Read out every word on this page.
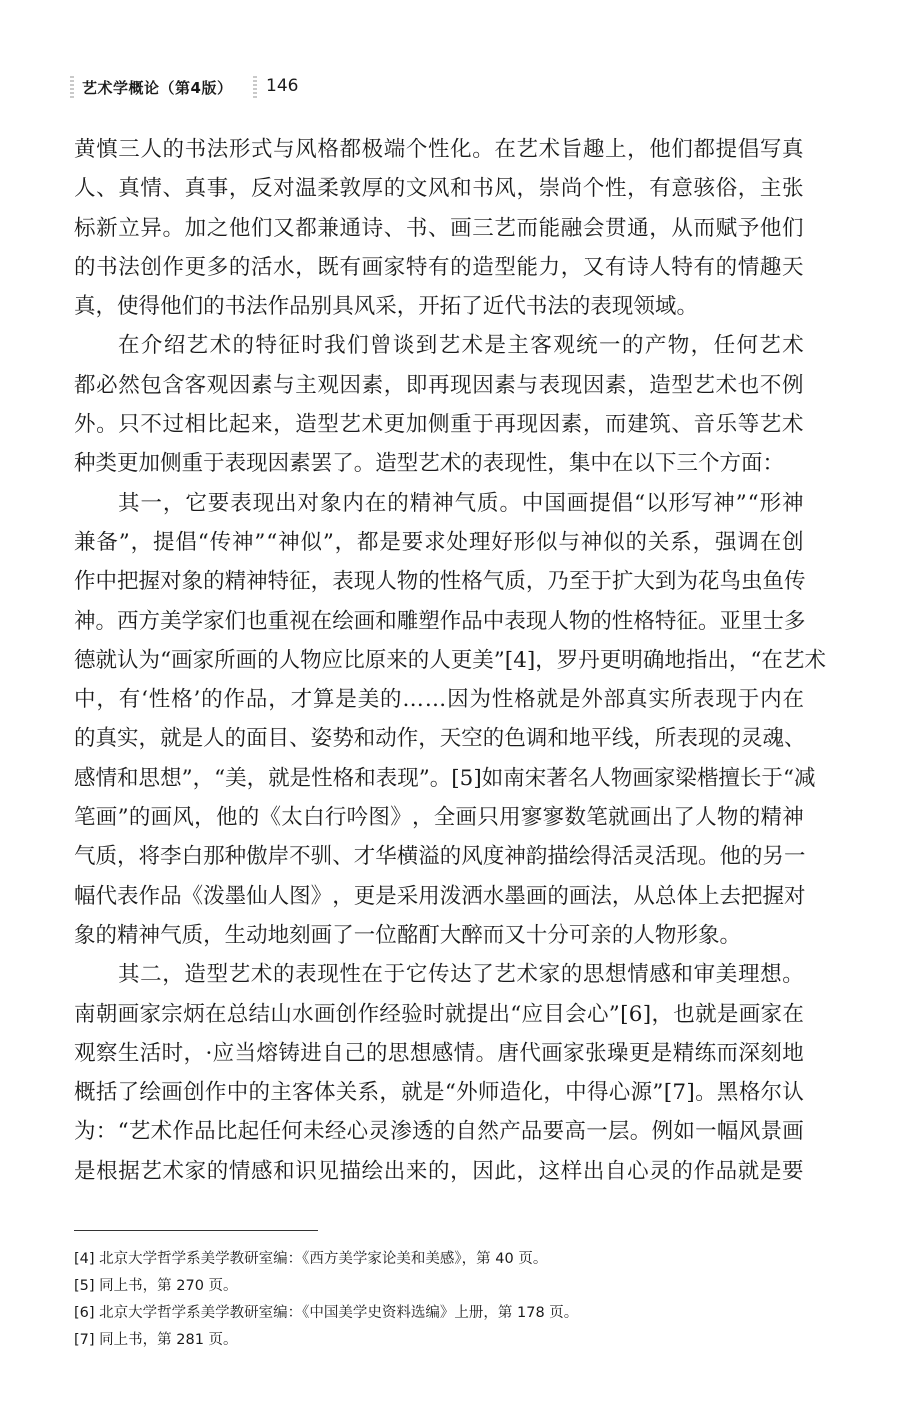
艺术学概论（第4版） 146
黄 慎 三 人 的 书 法 形 式 与 风 格 都 极 端 个 性 化 。 在 艺 术 旨 趣 上 ， 他 们 都 提 倡 写 真
人 、 真 情 、 真 事 ， 反 对 温 柔 敦 厚 的 文 风 和 书 风 ， 崇 尚 个 性 ， 有 意 骇 俗 ， 主 张
标 新 立 异 。 加 之 他 们 又 都 兼 通 诗 、 书 、 画 三 艺 而 能 融 会 贯 通 ， 从 而 赋 予 他 们
的 书 法 创 作 更 多 的 活 水 ， 既 有 画 家 特 有 的 造 型 能 力 ， 又 有 诗 人 特 有 的 情 趣 天
真 ， 使 得 他 们 的 书 法 作 品 别 具 风 采 ， 开 拓 了 近 代 书 法 的 表 现 领 域 。
在 介 绍 艺 术 的 特 征 时 我 们 曾 谈 到 艺 术 是 主 客 观 统 一 的 产 物 ， 任 何 艺 术
都 必 然 包 含 客 观 因 素 与 主 观 因 素 ， 即 再 现 因 素 与 表 现 因 素 ， 造 型 艺 术 也 不 例
外 。 只 不 过 相 比 起 来 ， 造 型 艺 术 更 加 侧 重 于 再 现 因 素 ， 而 建 筑 、 音 乐 等 艺 术
种 类 更 加 侧 重 于 表 现 因 素 罢 了 。 造 型 艺 术 的 表 现 性 ， 集 中 在 以 下 三 个 方 面 ：
其 一 ， 它 要 表 现 出 对 象 内 在 的 精 神 气 质 。 中 国 画 提 倡 “ 以 形 写 神 ” “ 形 神
兼 备 ” ， 提 倡 “ 传 神 ” “ 神 似 ” ， 都 是 要 求 处 理 好 形 似 与 神 似 的 关 系 ， 强 调 在 创
作 中 把 握 对 象 的 精 神 特 征 ， 表 现 人 物 的 性 格 气 质 ， 乃 至 于 扩 大 到 为 花 鸟 虫 鱼 传
神 。 西 方 美 学 家 们 也 重 视 在 绘 画 和 雕 塑 作 品 中 表 现 人 物 的 性 格 特 征 。 亚 里 士 多
德 就 认 为 “ 画 家 所 画 的 人 物 应 比 原 来 的 人 更 美 ” [ 4 ] ， 罗 丹 更 明 确 地 指 出 ， “ 在 艺 术
中 ， 有 ‘ 性 格 ’ 的 作 品 ， 才 算 是 美 的 … … 因 为 性 格 就 是 外 部 真 实 所 表 现 于 内 在
的 真 实 ， 就 是 人 的 面 目 、 姿 势 和 动 作 ， 天 空 的 色 调 和 地 平 线 ， 所 表 现 的 灵 魂 、
感 情 和 思 想 ” ， “ 美 ， 就 是 性 格 和 表 现 ” 。 [ 5 ] 如 南 宋 著 名 人 物 画 家 梁 楷 擅 长 于 “ 减
笔 画 ” 的 画 风 ， 他 的 《 太 白 行 吟 图 》 ， 全 画 只 用 寥 寥 数 笔 就 画 出 了 人 物 的 精 神
气 质 ， 将 李 白 那 种 傲 岸 不 驯 、 才 华 横 溢 的 风 度 神 韵 描 绘 得 活 灵 活 现 。 他 的 另 一
幅 代 表 作 品 《 泼 墨 仙 人 图 》 ， 更 是 采 用 泼 洒 水 墨 画 的 画 法 ， 从 总 体 上 去 把 握 对
象 的 精 神 气 质 ， 生 动 地 刻 画 了 一 位 酩 酊 大 醉 而 又 十 分 可 亲 的 人 物 形 象 。
其 二 ， 造 型 艺 术 的 表 现 性 在 于 它 传 达 了 艺 术 家 的 思 想 情 感 和 审 美 理 想 。
南 朝 画 家 宗 炳 在 总 结 山 水 画 创 作 经 验 时 就 提 出 “ 应 目 会 心 ” [ 6 ] ， 也 就 是 画 家 在
观 察 生 活 时 ， · 应 当 熔 铸 进 自 己 的 思 想 感 情 。 唐 代 画 家 张 璪 更 是 精 练 而 深 刻 地
概 括 了 绘 画 创 作 中 的 主 客 体 关 系 ， 就 是 “ 外 师 造 化 ， 中 得 心 源 ” [ 7 ] 。 黑 格 尔 认
为 ： “ 艺 术 作 品 比 起 任 何 未 经 心 灵 渗 透 的 自 然 产 品 要 高 一 层 。 例 如 一 幅 风 景 画
是 根 据 艺 术 家 的 情 感 和 识 见 描 绘 出 来 的 ， 因 此 ， 这 样 出 自 心 灵 的 作 品 就 是 要
[4] 北京大学哲学系美学教研室编：《西方美学家论美和美感》，第 40 页。
[5] 同上书，第 270 页。
[6] 北京大学哲学系美学教研室编：《中国美学史资料选编》上册，第 178 页。
[7] 同上书，第 281 页。
